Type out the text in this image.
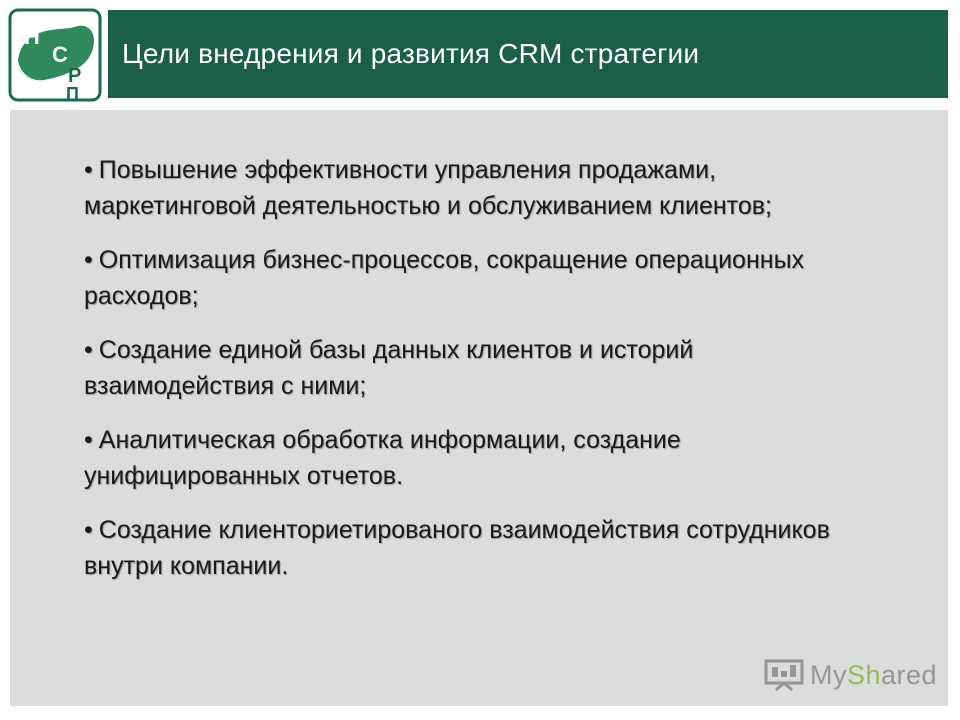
Н
С
Р
П
Цели внедрения и развития CRM стратегии
• Повышение эффективности управления продажами, маркетинговой деятельностью и обслуживанием клиентов;
• Оптимизация бизнес-процессов, сокращение операционных расходов;
• Создание единой базы данных клиентов и историй взаимодействия с ними;
• Аналитическая обработка информации, создание унифицированных отчетов.
• Создание клиенториетированого взаимодействия сотрудников внутри компании.
MyShared
